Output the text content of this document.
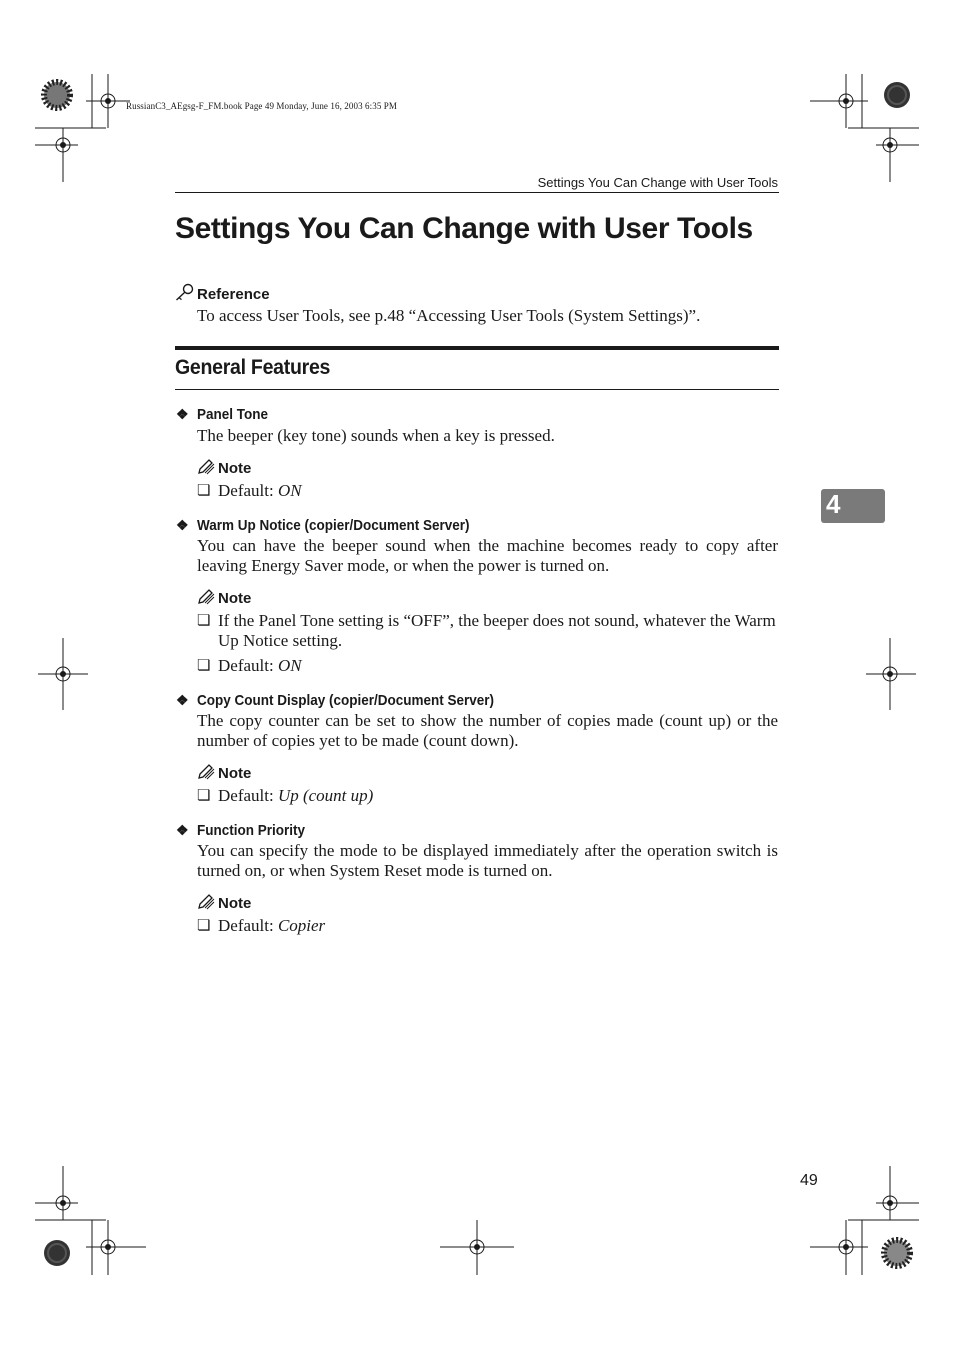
RussianC3_AEgsg-F_FM.book Page 49 Monday, June 16, 2003 6:35 PM
Settings You Can Change with User Tools
Settings You Can Change with User Tools
Reference
To access User Tools, see p.48 “Accessing User Tools (System Settings)”.
General Features
❖ Panel Tone
The beeper (key tone) sounds when a key is pressed.
Note
❏ Default: ON
❖ Warm Up Notice (copier/Document Server)
You can have the beeper sound when the machine becomes ready to copy after leaving Energy Saver mode, or when the power is turned on.
Note
❏ If the Panel Tone setting is “OFF”, the beeper does not sound, whatever the Warm Up Notice setting.
❏ Default: ON
❖ Copy Count Display (copier/Document Server)
The copy counter can be set to show the number of copies made (count up) or the number of copies yet to be made (count down).
Note
❏ Default: Up (count up)
❖ Function Priority
You can specify the mode to be displayed immediately after the operation switch is turned on, or when System Reset mode is turned on.
Note
❏ Default: Copier
4
49
